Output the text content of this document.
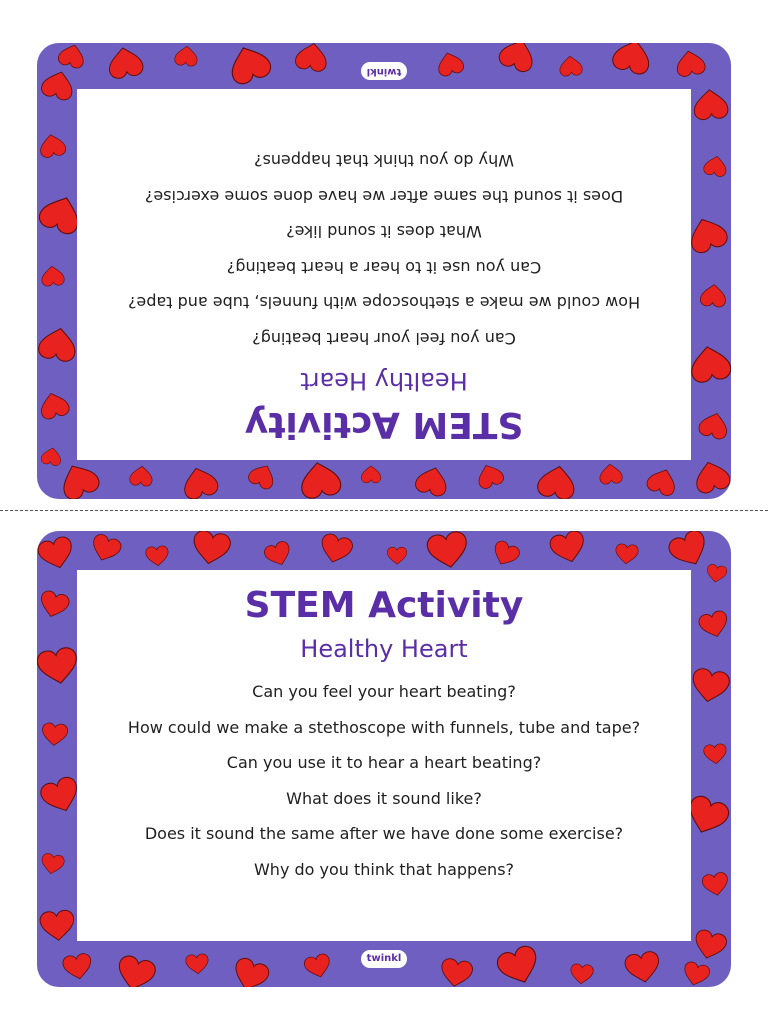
STEM Activity
Healthy Heart
Can you feel your heart beating?
How could we make a stethoscope with funnels, tube and tape?
Can you use it to hear a heart beating?
What does it sound like?
Does it sound the same after we have done some exercise?
Why do you think that happens?
twinkl
STEM Activity
Healthy Heart
Can you feel your heart beating?
How could we make a stethoscope with funnels, tube and tape?
Can you use it to hear a heart beating?
What does it sound like?
Does it sound the same after we have done some exercise?
Why do you think that happens?
twinkl
